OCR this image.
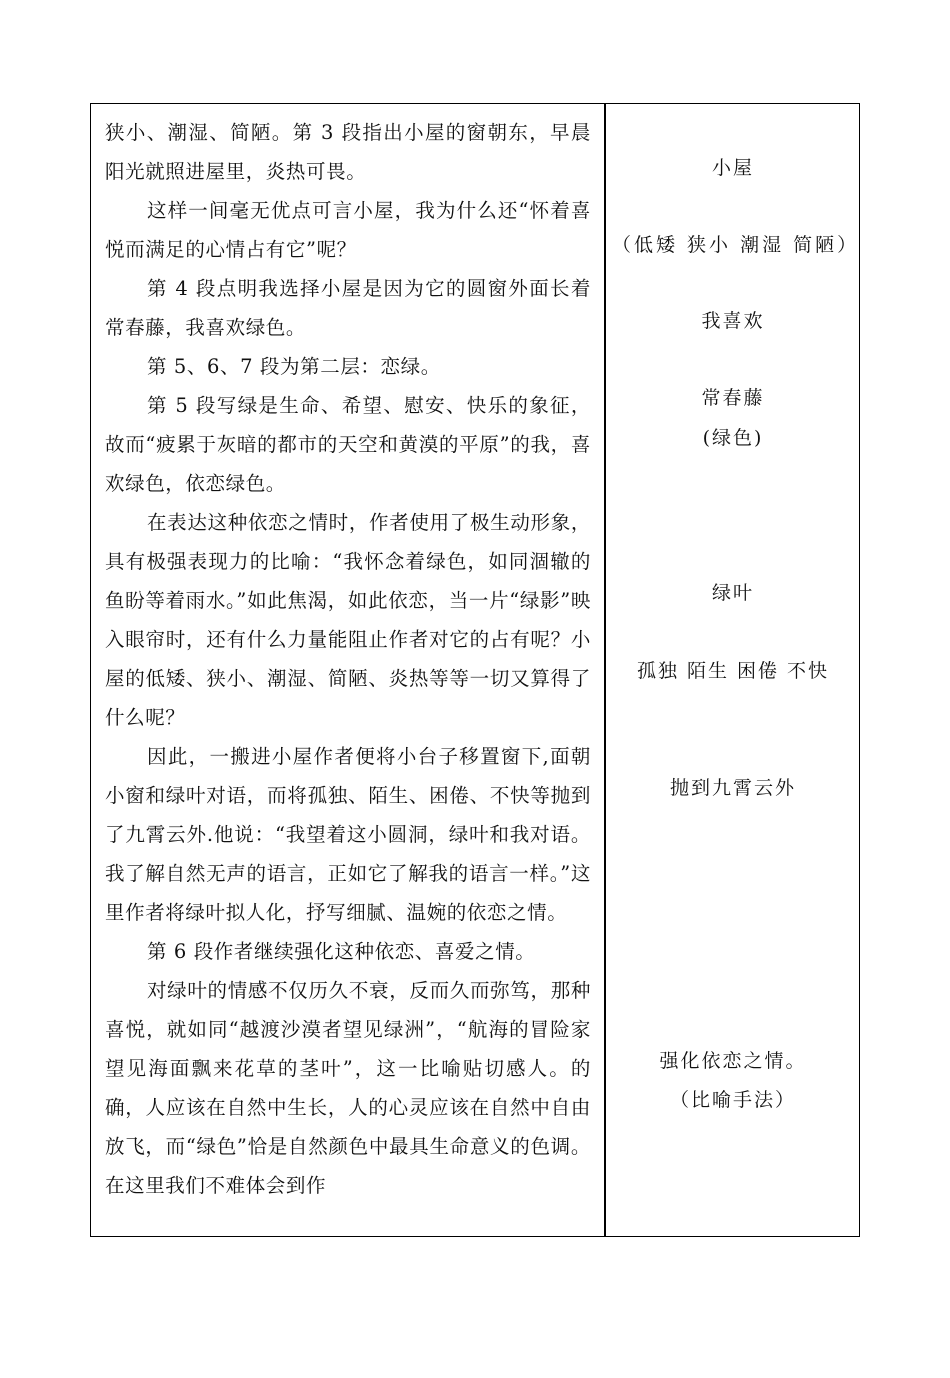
狭小、潮湿、简陋。第 3 段指出小屋的窗朝东，早晨阳光就照进屋里，炎热可畏。

这样一间毫无优点可言小屋，我为什么还“怀着喜悦而满足的心情占有它”呢？

第 4 段点明我选择小屋是因为它的圆窗外面长着常春藤，我喜欢绿色。

第 5、6、7 段为第二层：恋绿。

第 5 段写绿是生命、希望、慰安、快乐的象征，故而“疲累于灰暗的都市的天空和黄漠的平原”的我，喜欢绿色，依恋绿色。

在表达这种依恋之情时，作者使用了极生动形象，具有极强表现力的比喻：“我怀念着绿色，如同涸辙的鱼盼等着雨水。”如此焦渴，如此依恋，当一片“绿影”映入眼帘时，还有什么力量能阻止作者对它的占有呢？小屋的低矮、狭小、潮湿、简陋、炎热等等一切又算得了什么呢？

因此，一搬进小屋作者便将小台子移置窗下,面朝小窗和绿叶对语，而将孤独、陌生、困倦、不快等抛到了九霄云外.他说：“我望着这小圆洞，绿叶和我对语。我了解自然无声的语言，正如它了解我的语言一样。”这里作者将绿叶拟人化，抒写细腻、温婉的依恋之情。

第 6 段作者继续强化这种依恋、喜爱之情。

对绿叶的情感不仅历久不衰，反而久而弥笃，那种喜悦，就如同“越渡沙漠者望见绿洲”，“航海的冒险家望见海面飘来花草的茎叶”，这一比喻贴切感人。的确，人应该在自然中生长，人的心灵应该在自然中自由放飞，而“绿色”恰是自然颜色中最具生命意义的色调。在这里我们不难体会到作

小屋

（低矮 狭小 潮湿 简陋）

我喜欢

常春藤

(绿色)

绿叶

孤独 陌生 困倦 不快

抛到九霄云外

强化依恋之情。

（比喻手法）
